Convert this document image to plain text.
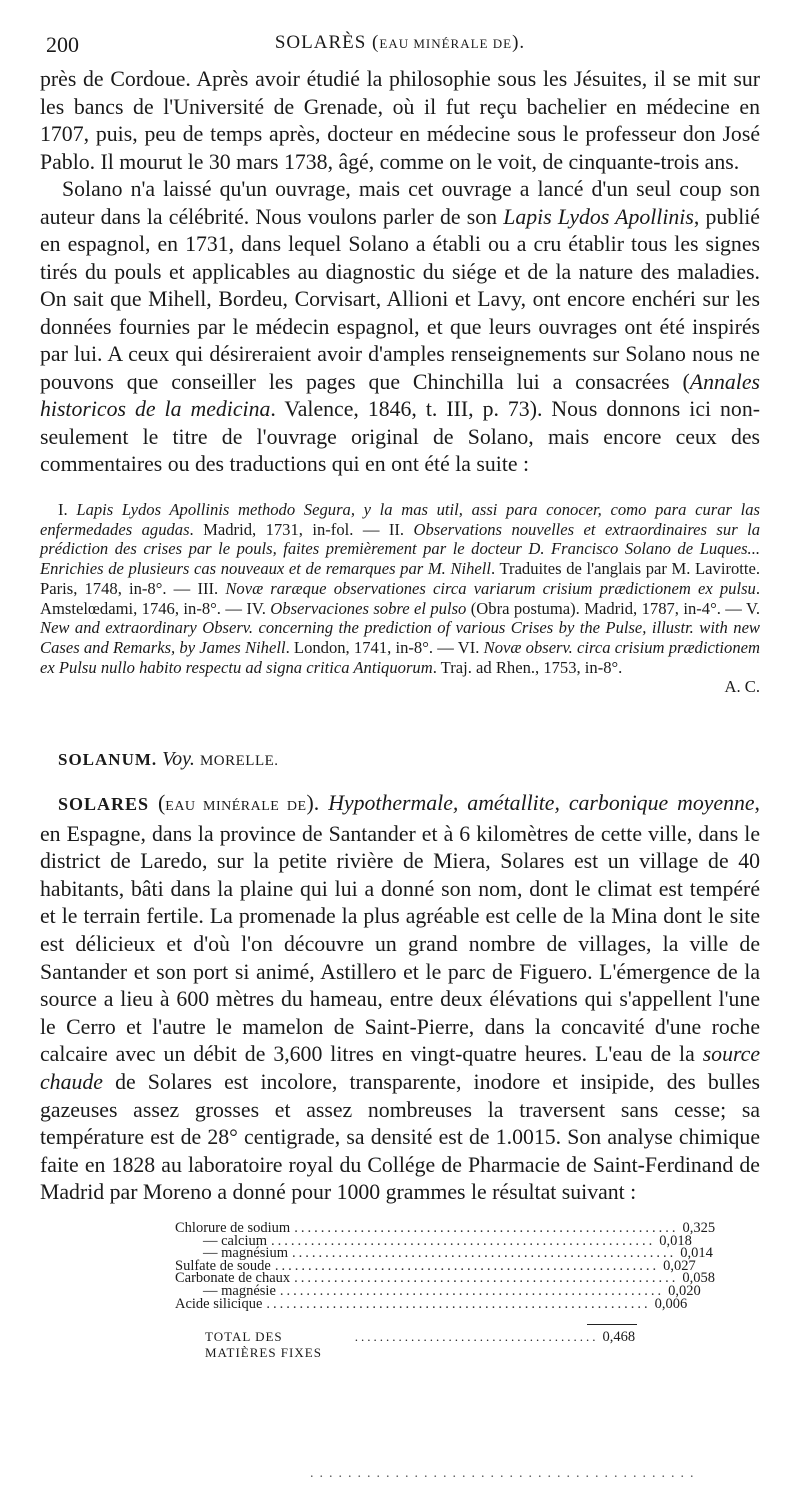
200	SOLARÈS (EAU MINÉRALE DE).

près de Cordoue. Après avoir étudié la philosophie sous les Jésuites, il se mit sur les bancs de l'Université de Grenade, où il fut reçu bachelier en médecine en 1707, puis, peu de temps après, docteur en médecine sous le professeur don José Pablo. Il mourut le 30 mars 1738, âgé, comme on le voit, de cinquante-trois ans.

Solano n'a laissé qu'un ouvrage, mais cet ouvrage a lancé d'un seul coup son auteur dans la célébrité. Nous voulons parler de son Lapis Lydos Apollinis, publié en espagnol, en 1731, dans lequel Solano a établi ou a cru établir tous les signes tirés du pouls et applicables au diagnostic du siége et de la nature des maladies. On sait que Mihell, Bordeu, Corvisart, Allioni et Lavy, ont encore enchéri sur les données fournies par le médecin espagnol, et que leurs ouvrages ont été inspirés par lui. A ceux qui désireraient avoir d'amples renseignements sur Solano nous ne pouvons que conseiller les pages que Chinchilla lui a consacrées (Annales historicos de la medicina. Valence, 1846, t. III, p. 73). Nous donnons ici non-seulement le titre de l'ouvrage original de Solano, mais encore ceux des commentaires ou des traductions qui en ont été la suite :

I. Lapis Lydos Apollinis methodo Segura, y la mas util, assi para conocer, como para curar las enfermedades agudas. Madrid, 1731, in-fol. — II. Observations nouvelles et extraordinaires sur la prédiction des crises par le pouls, faites premièrement par le docteur D. Francisco Solano de Luques... Enrichies de plusieurs cas nouveaux et de remarques par M. Nihell. Traduites de l'anglais par M. Lavirotte. Paris, 1748, in-8°. — III. Novæ raræque observationes circa variarum crisium prædictionem ex pulsu. Amstelœdami, 1746, in-8°. — IV. Observaciones sobre el pulso (Obra postuma). Madrid, 1787, in-4°. — V. New and extraordinary Observ. concerning the prediction of various Crises by the Pulse, illustr. with new Cases and Remarks, by James Nihell. London, 1741, in-8°. — VI. Novæ observ. circa crisium prædictionem ex Pulsu nullo habito respectu ad signa critica Antiquorum. Traj. ad Rhen., 1753, in-8°.

A. C.
SOLANUM. Voy. MORELLE.

SOLARES (EAU MINÉRALE DE). Hypothermale, amétallite, carbonique moyenne, en Espagne, dans la province de Santander et à 6 kilomètres de cette ville, dans le district de Laredo, sur la petite rivière de Miera, Solares est un village de 40 habitants, bâti dans la plaine qui lui a donné son nom, dont le climat est tempéré et le terrain fertile. La promenade la plus agréable est celle de la Mina dont le site est délicieux et d'où l'on découvre un grand nombre de villages, la ville de Santander et son port si animé, Astillero et le parc de Figuero. L'émergence de la source a lieu à 600 mètres du hameau, entre deux élévations qui s'appellent l'une le Cerro et l'autre le mamelon de Saint-Pierre, dans la concavité d'une roche calcaire avec un débit de 3,600 litres en vingt-quatre heures. L'eau de la source chaude de Solares est incolore, transparente, inodore et insipide, des bulles gazeuses assez grosses et assez nombreuses la traversent sans cesse; sa température est de 28° centigrade, sa densité est de 1.0015. Son analyse chimique faite en 1828 au laboratoire royal du Collége de Pharmacie de Saint-Ferdinand de Madrid par Moreno a donné pour 1000 grammes le résultat suivant :

Chlorure de sodium .......................................................... 0,325
— calcium .......................................................... 0,018
— magnésium .......................................................... 0,014
Sulfate de soude .......................................................... 0,027
Carbonate de chaux .......................................................... 0,058
— magnésie .......................................................... 0,020
Acide silicique .......................................................... 0,006
TOTAL DES MATIÈRES FIXES
....................................... 0,468
.........................................
